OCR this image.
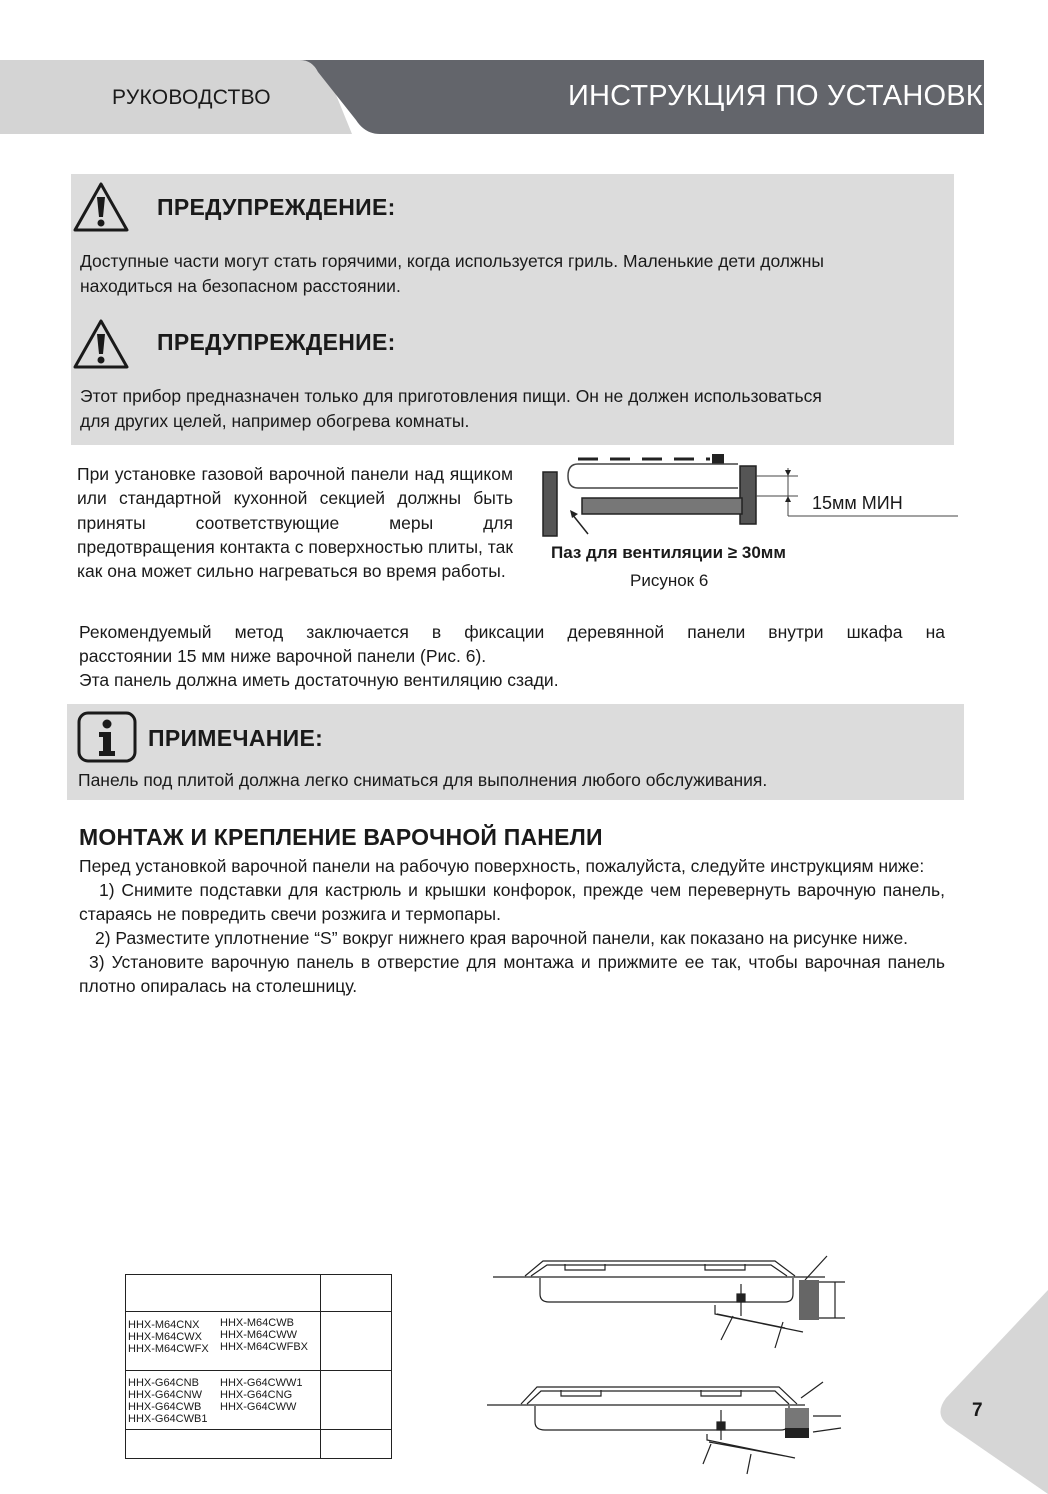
РУКОВОДСТВО	ИНСТРУКЦИЯ ПО УСТАНОВКЕ
ПРЕДУПРЕЖДЕНИЕ:
Доступные части могут стать горячими, когда используется гриль. Маленькие дети должны
находиться на безопасном расстоянии.
ПРЕДУПРЕЖДЕНИЕ:
Этот прибор предназначен только для приготовления пищи. Он не должен использоваться
для других целей, например обогрева комнаты.
При установке газовой варочной панели над ящиком или стандартной кухонной секцией должны быть приняты соответствующие меры для предотвращения контакта с поверхностью плиты, так как она может сильно нагреваться во время работы.
15мм МИН
Паз для вентиляции ≥ 30мм
Рисунок 6
Рекомендуемый метод заключается в фиксации деревянной панели внутри шкафа на
расстоянии 15 мм ниже варочной панели (Рис. 6).
Эта панель должна иметь достаточную вентиляцию сзади.
ПРИМЕЧАНИЕ:
Панель под плитой должна легко сниматься для выполнения любого обслуживания.
МОНТАЖ И КРЕПЛЕНИЕ ВАРОЧНОЙ ПАНЕЛИ
Перед установкой варочной панели на рабочую поверхность, пожалуйста, следуйте инструкциям ниже:
1) Снимите подставки для кастрюль и крышки конфорок, прежде чем перевернуть варочную панель, стараясь не повредить свечи розжига и термопары.
2) Разместите уплотнение “S” вокруг нижнего края варочной панели, как показано на рисунке ниже.
3) Установите варочную панель в отверстие для монтажа и прижмите ее так, чтобы варочная панель плотно опиралась на столешницу.
HHX-M64CNX
HHX-M64CWX
HHX-M64CWFX
HHX-M64CWB
HHX-M64CWW
HHX-M64CWFBX
HHX-G64CNB
HHX-G64CNW
HHX-G64CWB
HHX-G64CWB1
HHX-G64CWW1
HHX-G64CNG
HHX-G64CWW	7
